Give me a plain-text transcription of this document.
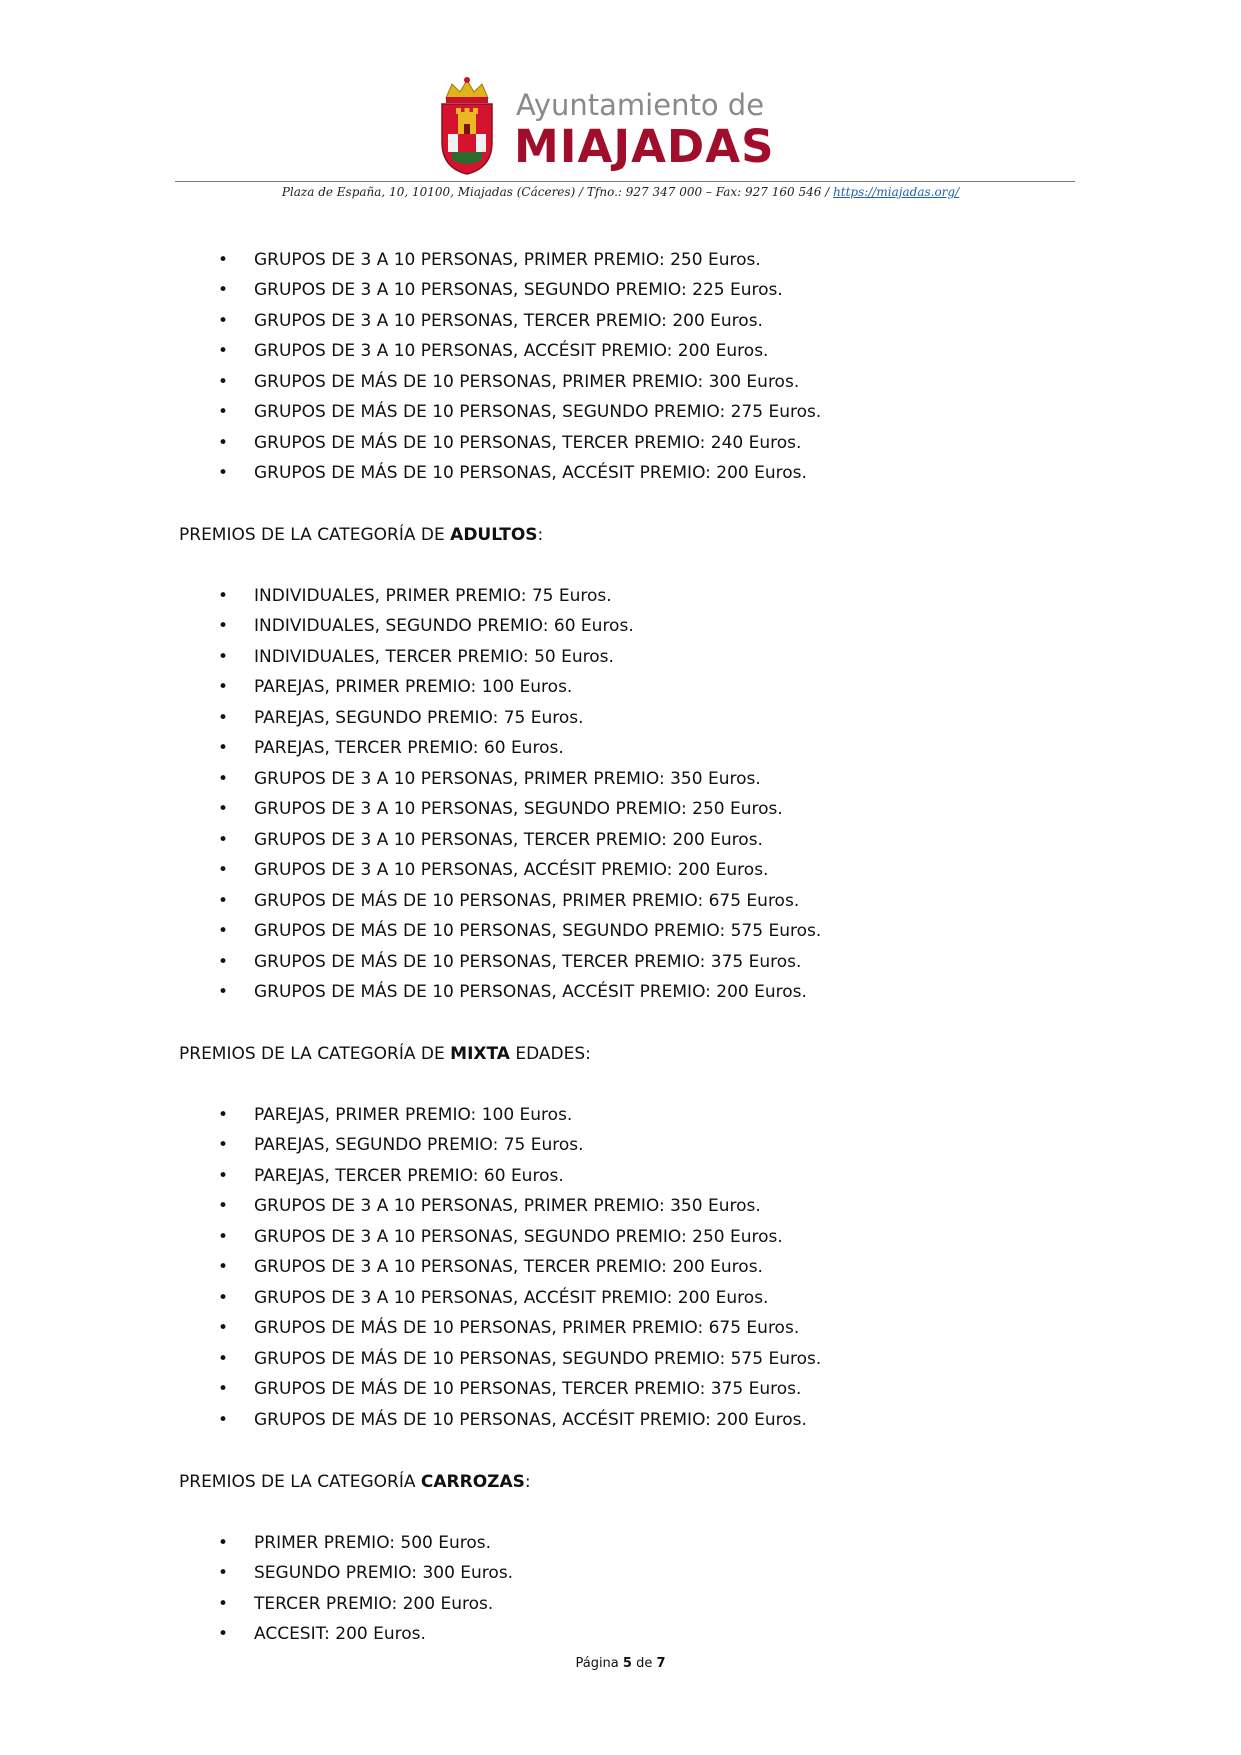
Ayuntamiento de
MIAJADAS
Plaza de España, 10, 10100, Miajadas (Cáceres) / Tfno.: 927 347 000 – Fax: 927 160 546 / https://miajadas.org/
• GRUPOS DE 3 A 10 PERSONAS, PRIMER PREMIO: 250 Euros.
• GRUPOS DE 3 A 10 PERSONAS, SEGUNDO PREMIO: 225 Euros.
• GRUPOS DE 3 A 10 PERSONAS, TERCER PREMIO: 200 Euros.
• GRUPOS DE 3 A 10 PERSONAS, ACCÉSIT PREMIO: 200 Euros.
• GRUPOS DE MÁS DE 10 PERSONAS, PRIMER PREMIO: 300 Euros.
• GRUPOS DE MÁS DE 10 PERSONAS, SEGUNDO PREMIO: 275 Euros.
• GRUPOS DE MÁS DE 10 PERSONAS, TERCER PREMIO: 240 Euros.
• GRUPOS DE MÁS DE 10 PERSONAS, ACCÉSIT PREMIO: 200 Euros.
PREMIOS DE LA CATEGORÍA DE ADULTOS:
• INDIVIDUALES, PRIMER PREMIO: 75 Euros.
• INDIVIDUALES, SEGUNDO PREMIO: 60 Euros.
• INDIVIDUALES, TERCER PREMIO: 50 Euros.
• PAREJAS, PRIMER PREMIO: 100 Euros.
• PAREJAS, SEGUNDO PREMIO: 75 Euros.
• PAREJAS, TERCER PREMIO: 60 Euros.
• GRUPOS DE 3 A 10 PERSONAS, PRIMER PREMIO: 350 Euros.
• GRUPOS DE 3 A 10 PERSONAS, SEGUNDO PREMIO: 250 Euros.
• GRUPOS DE 3 A 10 PERSONAS, TERCER PREMIO: 200 Euros.
• GRUPOS DE 3 A 10 PERSONAS, ACCÉSIT PREMIO: 200 Euros.
• GRUPOS DE MÁS DE 10 PERSONAS, PRIMER PREMIO: 675 Euros.
• GRUPOS DE MÁS DE 10 PERSONAS, SEGUNDO PREMIO: 575 Euros.
• GRUPOS DE MÁS DE 10 PERSONAS, TERCER PREMIO: 375 Euros.
• GRUPOS DE MÁS DE 10 PERSONAS, ACCÉSIT PREMIO: 200 Euros.
PREMIOS DE LA CATEGORÍA DE MIXTA EDADES:
• PAREJAS, PRIMER PREMIO: 100 Euros.
• PAREJAS, SEGUNDO PREMIO: 75 Euros.
• PAREJAS, TERCER PREMIO: 60 Euros.
• GRUPOS DE 3 A 10 PERSONAS, PRIMER PREMIO: 350 Euros.
• GRUPOS DE 3 A 10 PERSONAS, SEGUNDO PREMIO: 250 Euros.
• GRUPOS DE 3 A 10 PERSONAS, TERCER PREMIO: 200 Euros.
• GRUPOS DE 3 A 10 PERSONAS, ACCÉSIT PREMIO: 200 Euros.
• GRUPOS DE MÁS DE 10 PERSONAS, PRIMER PREMIO: 675 Euros.
• GRUPOS DE MÁS DE 10 PERSONAS, SEGUNDO PREMIO: 575 Euros.
• GRUPOS DE MÁS DE 10 PERSONAS, TERCER PREMIO: 375 Euros.
• GRUPOS DE MÁS DE 10 PERSONAS, ACCÉSIT PREMIO: 200 Euros.
PREMIOS DE LA CATEGORÍA CARROZAS:
• PRIMER PREMIO: 500 Euros.
• SEGUNDO PREMIO: 300 Euros.
• TERCER PREMIO: 200 Euros.
• ACCESIT: 200 Euros.
Página 5 de 7
